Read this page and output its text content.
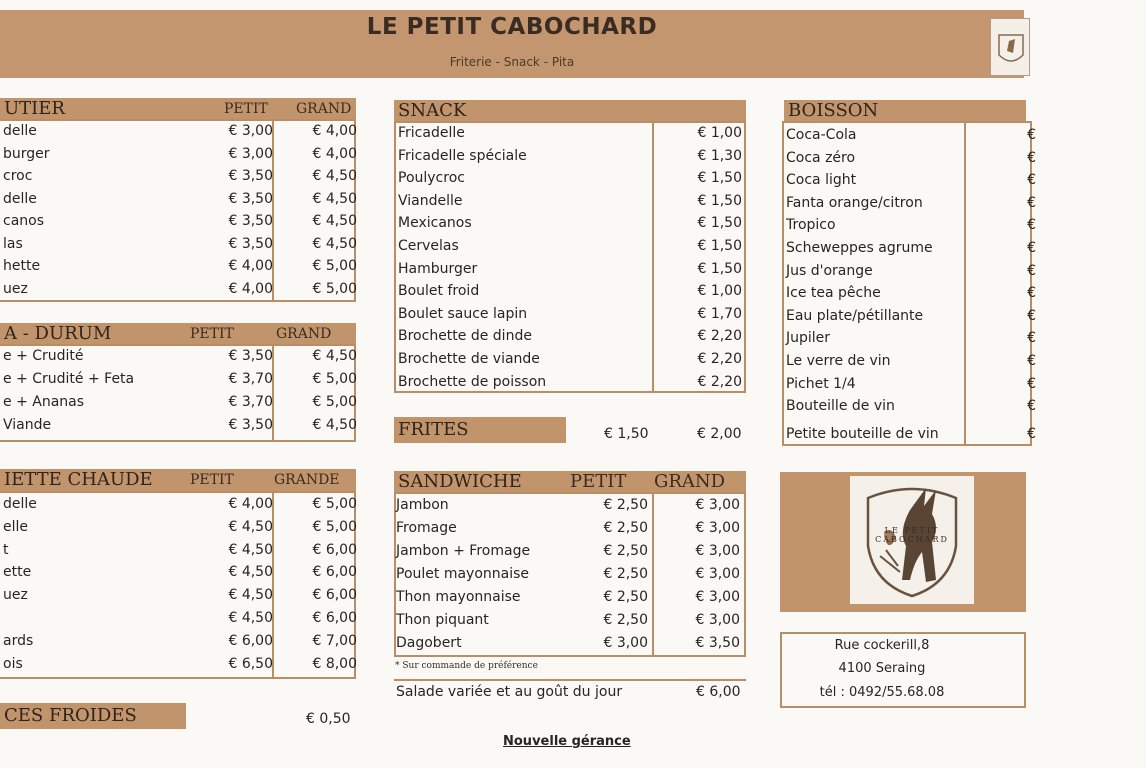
LE PETIT CABOCHARD
Friterie - Snack - Pita
UTIER	PETIT GRAND
A - DURUM	PETIT	GRAND
IETTE CHAUDE	PETIT	GRANDE
CES FROIDES	€ 0,50
SNACK
FRITES	€ 1,50	€ 2,00
SANDWICHE	PETIT GRAND
* Sur commande de préférence
Salade variée et au goût du jour	€ 6,00
Nouvelle gérance
BOISSON
LE PETIT CABOCHARD
Rue cockerill,8
4100 Seraing
tél : 0492/55.68.08
delle	€ 3,00	€ 4,00
burger	€ 3,00	€ 4,00
croc	€ 3,50	€ 4,50
delle	€ 3,50	€ 4,50
canos	€ 3,50	€ 4,50
las	€ 3,50	€ 4,50
hette	€ 4,00	€ 5,00
uez	€ 4,00	€ 5,00
e + Crudité	€ 3,50	€ 4,50
e + Crudité + Feta	€ 3,70	€ 5,00
e + Ananas	€ 3,70	€ 5,00
Viande	€ 3,50	€ 4,50
delle	€ 4,00	€ 5,00
elle	€ 4,50	€ 5,00
t	€ 4,50	€ 6,00
ette	€ 4,50	€ 6,00
uez	€ 4,50	€ 6,00
€ 4,50	€ 6,00
ards	€ 6,00	€ 7,00
ois	€ 6,50	€ 8,00
Fricadelle	€ 1,00
Fricadelle spéciale	€ 1,30
Poulycroc	€ 1,50
Viandelle	€ 1,50
Mexicanos	€ 1,50
Cervelas	€ 1,50
Hamburger	€ 1,50
Boulet froid	€ 1,00
Boulet sauce lapin	€ 1,70
Brochette de dinde	€ 2,20
Brochette de viande	€ 2,20
Brochette de poisson	€ 2,20
Jambon	€ 2,50	€ 3,00
Fromage	€ 2,50	€ 3,00
Jambon + Fromage	€ 2,50	€ 3,00
Poulet mayonnaise	€ 2,50	€ 3,00
Thon mayonnaise	€ 2,50	€ 3,00
Thon piquant	€ 2,50	€ 3,00
Dagobert	€ 3,00	€ 3,50
Coca-Cola	€
Coca zéro	€
Coca light	€
Fanta orange/citron	€
Tropico	€
Scheweppes agrume	€
Jus d'orange	€
Ice tea pêche	€
Eau plate/pétillante	€
Jupiler	€
Le verre de vin	€
Pichet 1/4	€
Bouteille de vin	€
Petite bouteille de vin	€
